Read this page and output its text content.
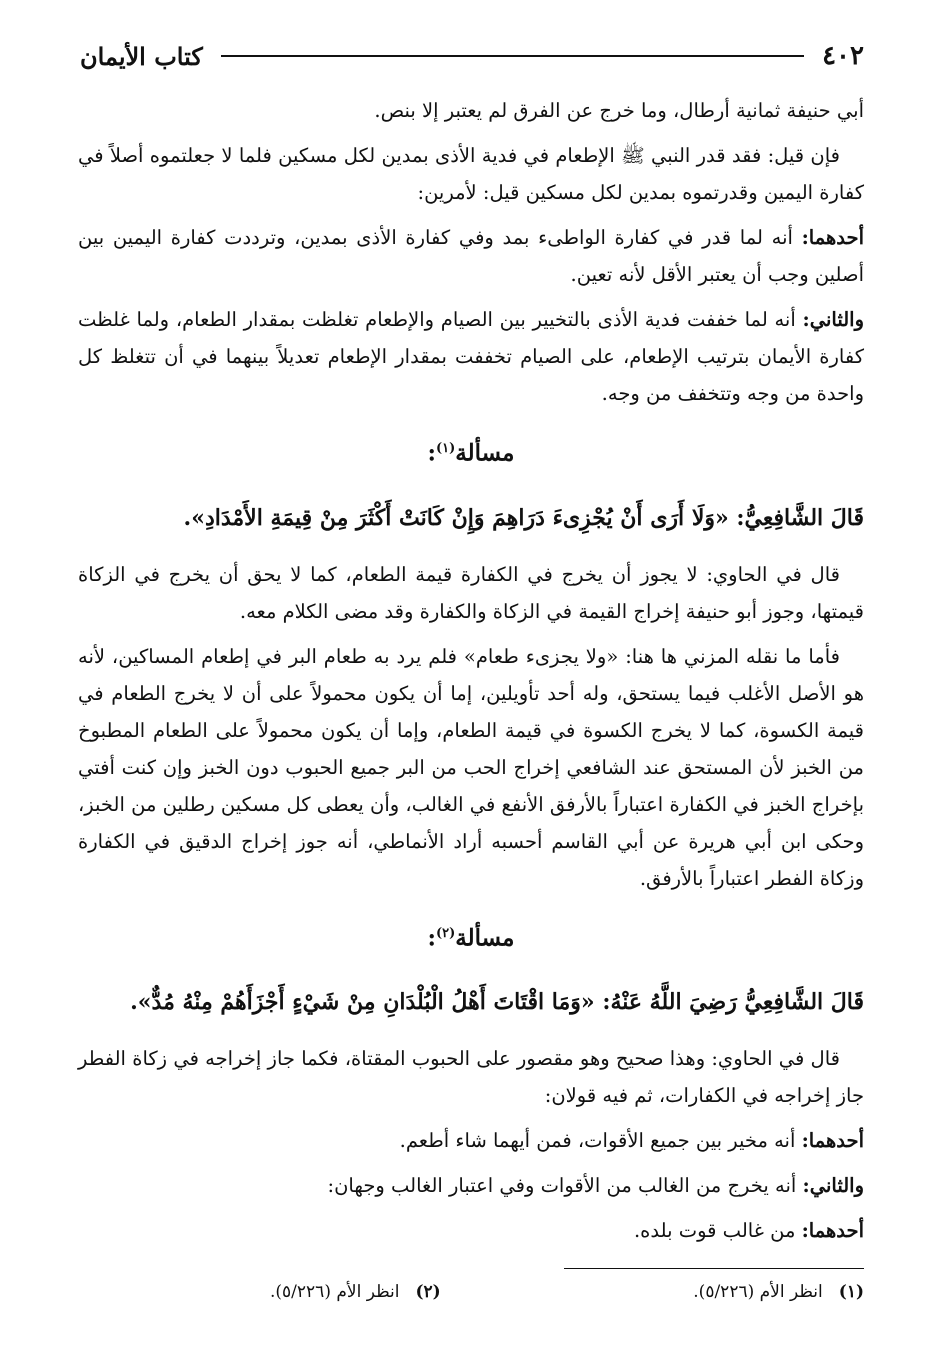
٤٠٢
كتاب الأيمان

أبي حنيفة ثمانية أرطال، وما خرج عن الفرق لم يعتبر إلا بنص.

فإن قيل: فقد قدر النبي ﷺ الإطعام في فدية الأذى بمدين لكل مسكين فلما لا جعلتموه أصلاً في كفارة اليمين وقدرتموه بمدين لكل مسكين قيل: لأمرين:

أحدهما: أنه لما قدر في كفارة الواطىء بمد وفي كفارة الأذى بمدين، وترددت كفارة اليمين بين أصلين وجب أن يعتبر الأقل لأنه تعين.

والثاني: أنه لما خففت فدية الأذى بالتخيير بين الصيام والإطعام تغلظت بمقدار الطعام، ولما غلظت كفارة الأيمان بترتيب الإطعام، على الصيام تخففت بمقدار الإطعام تعديلاً بينهما في أن تتغلظ كل واحدة من وجه وتتخفف من وجه.

مسألة$^{(١)}$:

قَالَ الشَّافِعِيُّ: «وَلَا أَرَى أَنْ يُجْزِىءَ دَرَاهِمَ وَإِنْ كَانَتْ أَكْثَرَ مِنْ قِيمَةِ الأَمْدَادِ».

قال في الحاوي: لا يجوز أن يخرج في الكفارة قيمة الطعام، كما لا يحق أن يخرج في الزكاة قيمتها، وجوز أبو حنيفة إخراج القيمة في الزكاة والكفارة وقد مضى الكلام معه.

فأما ما نقله المزني ها هنا: «ولا يجزىء طعام» فلم يرد به طعام البر في إطعام المساكين، لأنه هو الأصل الأغلب فيما يستحق، وله أحد تأويلين، إما أن يكون محمولاً على أن لا يخرج الطعام في قيمة الكسوة، كما لا يخرج الكسوة في قيمة الطعام، وإما أن يكون محمولاً على الطعام المطبوخ من الخبز لأن المستحق عند الشافعي إخراج الحب من البر جميع الحبوب دون الخبز وإن كنت أفتي بإخراج الخبز في الكفارة اعتباراً بالأرفق الأنفع في الغالب، وأن يعطى كل مسكين رطلين من الخبز، وحكى ابن أبي هريرة عن أبي القاسم أحسبه أراد الأنماطي، أنه جوز إخراج الدقيق في الكفارة وزكاة الفطر اعتباراً بالأرفق.

مسألة$^{(٢)}$:

قَالَ الشَّافِعِيُّ رَضِيَ اللَّهُ عَنْهُ: «وَمَا اقْتَاتَ أَهْلُ الْبُلْدَانِ مِنْ شَيْءٍ أَجْزَأَهُمْ مِنْهُ مُدٌّ».

قال في الحاوي: وهذا صحيح وهو مقصور على الحبوب المقتاة، فكما جاز إخراجه في زكاة الفطر جاز إخراجه في الكفارات، ثم فيه قولان:

أحدهما: أنه مخير بين جميع الأقوات، فمن أيهما شاء أطعم.

والثاني: أنه يخرج من الغالب من الأقوات وفي اعتبار الغالب وجهان:

أحدهما: من غالب قوت بلده.

(١)
انظر الأم (٥/٢٢٦).
(٢)
انظر الأم (٥/٢٢٦).
